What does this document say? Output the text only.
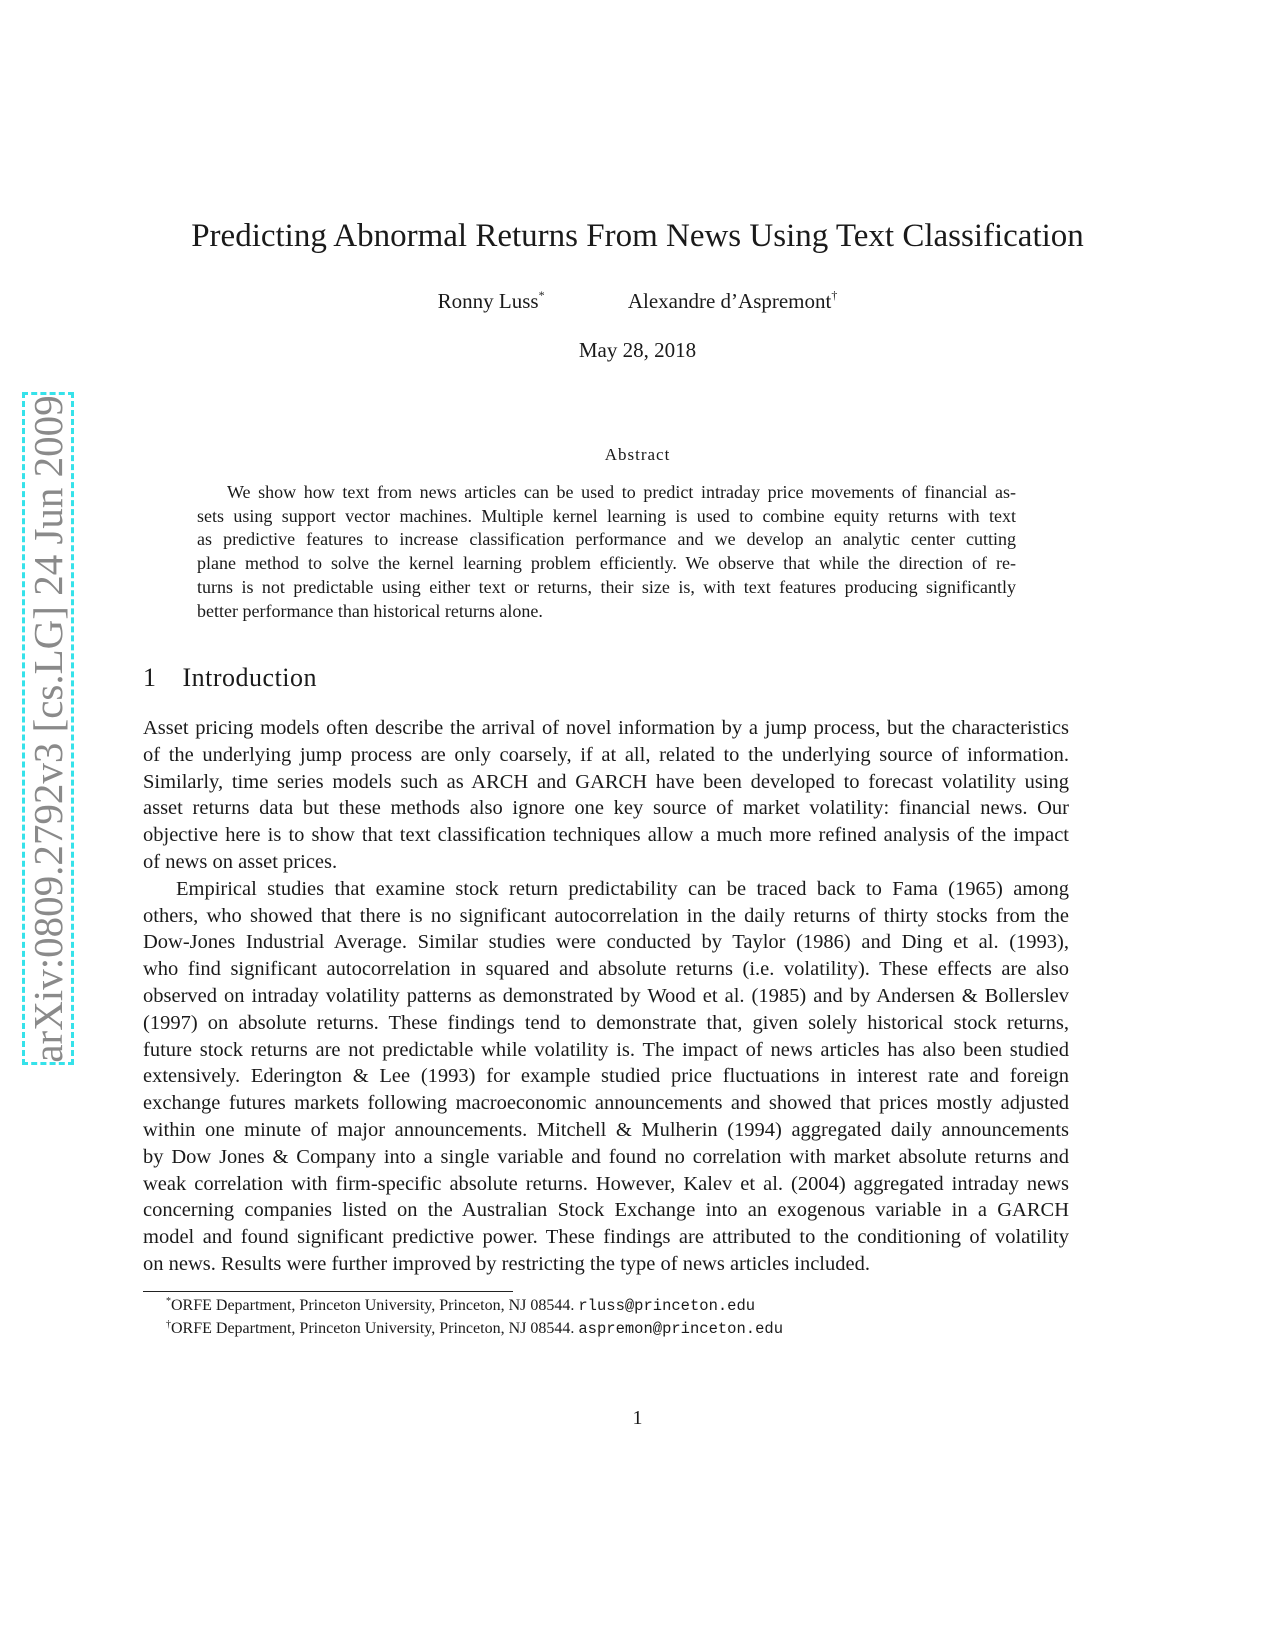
arXiv:0809.2792v3 [cs.LG] 24 Jun 2009
Predicting Abnormal Returns From News Using Text Classification
Ronny Luss*	Alexandre d’Aspremont†
May 28, 2018
Abstract
We show how text from news articles can be used to predict intraday price movements of financial as-
sets using support vector machines. Multiple kernel learning is used to combine equity returns with text
as predictive features to increase classification performance and we develop an analytic center cutting
plane method to solve the kernel learning problem efficiently. We observe that while the direction of re-
turns is not predictable using either text or returns, their size is, with text features producing significantly
better performance than historical returns alone.
1 Introduction
Asset pricing models often describe the arrival of novel information by a jump process, but the characteristics
of the underlying jump process are only coarsely, if at all, related to the underlying source of information.
Similarly, time series models such as ARCH and GARCH have been developed to forecast volatility using
asset returns data but these methods also ignore one key source of market volatility: financial news. Our
objective here is to show that text classification techniques allow a much more refined analysis of the impact
of news on asset prices.
Empirical studies that examine stock return predictability can be traced back to Fama (1965) among
others, who showed that there is no significant autocorrelation in the daily returns of thirty stocks from the
Dow-Jones Industrial Average. Similar studies were conducted by Taylor (1986) and Ding et al. (1993),
who find significant autocorrelation in squared and absolute returns (i.e. volatility). These effects are also
observed on intraday volatility patterns as demonstrated by Wood et al. (1985) and by Andersen & Bollerslev
(1997) on absolute returns. These findings tend to demonstrate that, given solely historical stock returns,
future stock returns are not predictable while volatility is. The impact of news articles has also been studied
extensively. Ederington & Lee (1993) for example studied price fluctuations in interest rate and foreign
exchange futures markets following macroeconomic announcements and showed that prices mostly adjusted
within one minute of major announcements. Mitchell & Mulherin (1994) aggregated daily announcements
by Dow Jones & Company into a single variable and found no correlation with market absolute returns and
weak correlation with firm-specific absolute returns. However, Kalev et al. (2004) aggregated intraday news
concerning companies listed on the Australian Stock Exchange into an exogenous variable in a GARCH
model and found significant predictive power. These findings are attributed to the conditioning of volatility
on news. Results were further improved by restricting the type of news articles included.
*ORFE Department, Princeton University, Princeton, NJ 08544. rluss@princeton.edu
†ORFE Department, Princeton University, Princeton, NJ 08544. aspremon@princeton.edu
1
